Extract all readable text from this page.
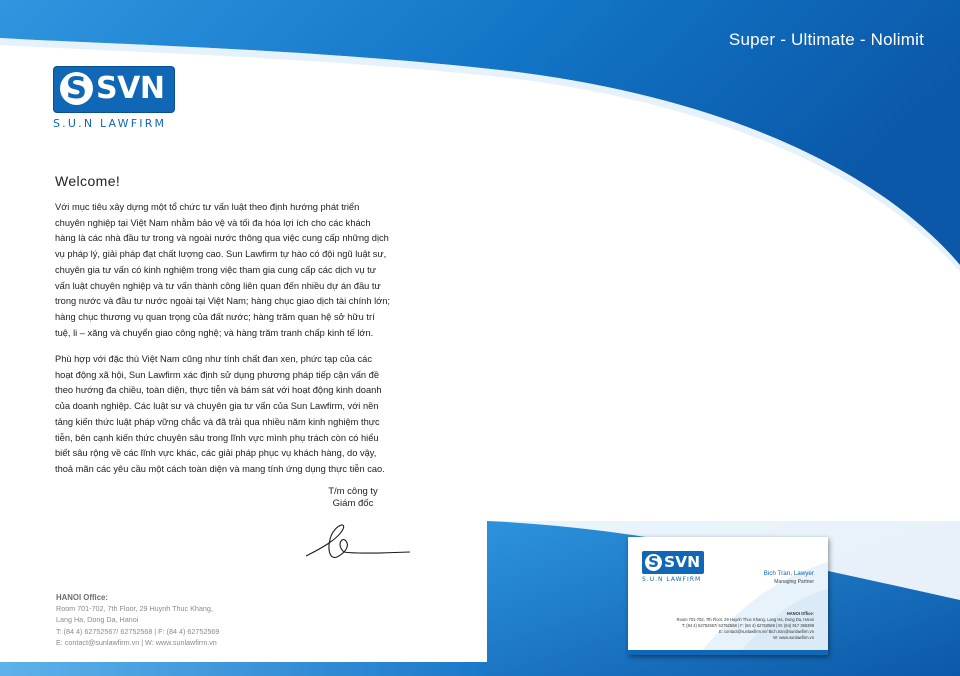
Super - Ultimate - Nolimit
S SVN
S.U.N LAWFIRM
Welcome!
Với mục tiêu xây dựng một tổ chức tư vấn luật theo định hướng phát triển chuyên nghiệp tại Việt Nam nhằm bảo vệ và tối đa hóa lợi ích cho các khách hàng là các nhà đầu tư trong và ngoài nước thông qua việc cung cấp những dịch vụ pháp lý, giải pháp đạt chất lượng cao. Sun Lawfirm tự hào có đội ngũ luật sư, chuyên gia tư vấn có kinh nghiệm trong việc tham gia cung cấp các dịch vụ tư vấn luật chuyên nghiệp và tư vấn thành công liên quan đến nhiều dự án đầu tư trong nước và đầu tư nước ngoài tại Việt Nam; hàng chục giao dịch tài chính lớn; hàng chục thương vụ quan trọng của đất nước; hàng trăm quan hệ sở hữu trí tuệ, li – xăng và chuyển giao công nghệ; và hàng trăm tranh chấp kinh tế lớn.
Phù hợp với đặc thù Việt Nam cũng như tính chất đan xen, phức tạp của các hoạt động xã hội, Sun Lawfirm xác định sử dụng phương pháp tiếp cận vấn đề theo hướng đa chiều, toàn diện, thực tiễn và bám sát với hoạt động kinh doanh của doanh nghiệp. Các luật sư và chuyên gia tư vấn của Sun Lawfirm, với nền tảng kiến thức luật pháp vững chắc và đã trải qua nhiều năm kinh nghiệm thực tiễn, bên cạnh kiến thức chuyên sâu trong lĩnh vực mình phụ trách còn có hiểu biết sâu rộng về các lĩnh vực khác, các giải pháp phục vụ khách hàng, do vậy, thoả mãn các yêu cầu một cách toàn diện và mang tính ứng dụng thực tiễn cao.
T/m công ty
Giám đốc
HANOI Office:
Room 701-702, 7th Floor, 29 Huynh Thuc Khang,
Lang Ha, Dong Da, Hanoi
T: (84 4) 62752567/ 62752568 | F: (84 4) 62752569
E: contact@sunlawfirm.vn | W: www.sunlawfirm.vn
S SVN
S.U.N LAWFIRM
Bich Tran, Lawyer
Managing Partner
HANOI Office:
Room 701-702, 7th Floor, 29 Huynh Thuc Khang, Lang Ha, Dong Da, Hanoi
T: (84 4) 62752567/ 62752568 | F: (84 4) 62752569 | M: (84) 917 366399
E: contact@sunlawfirm.vn/ Bich.tran@sunlawfirm.vn
W: www.sunlawfirm.vn
